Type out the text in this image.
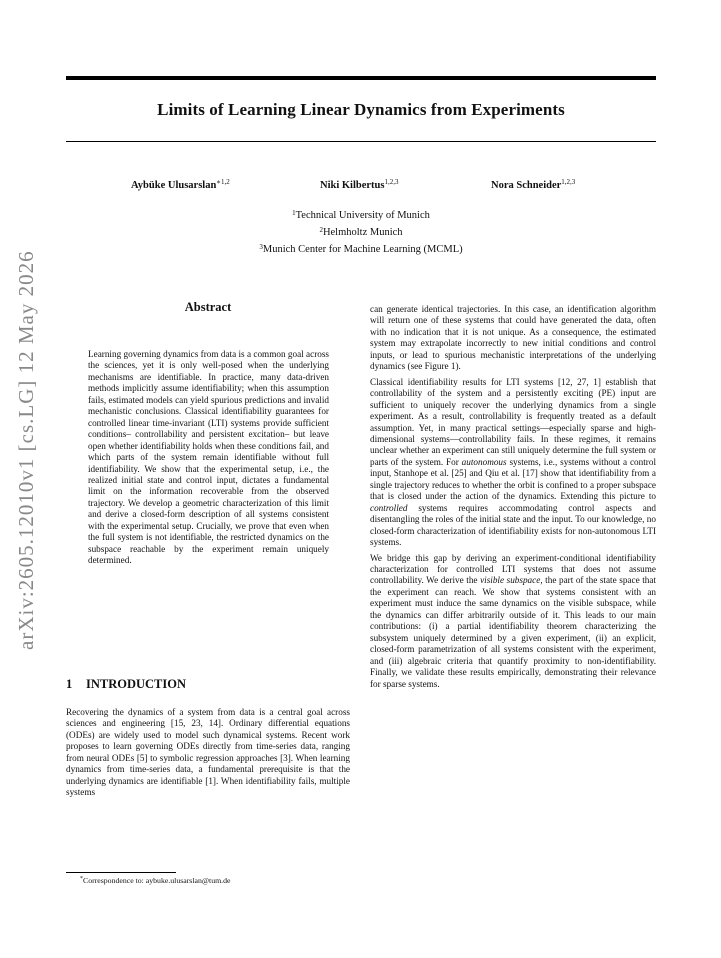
Limits of Learning Linear Dynamics from Experiments
Aybüke Ulusarslan$^{∗1,2}$	Niki Kilbertus$^{1,2,3}$	Nora Schneider$^{1,2,3}$
$^1$Technical University of Munich
$^2$Helmholtz Munich
$^3$Munich Center for Machine Learning (MCML)
arXiv:2605.12010v1 [cs.LG] 12 May 2026	Abstract
Learning governing dynamics from data is a common goal across the sciences, yet it is only well-posed when the underlying mechanisms are identifiable. In practice, many data-driven methods implicitly assume identifiability; when this assumption fails, estimated models can yield spurious predictions and invalid mechanistic conclusions. Classical identifiability guarantees for controlled linear time-invariant (LTI) systems provide sufficient conditions– controllability and persistent excitation– but leave open whether identifiability holds when these conditions fail, and which parts of the system remain identifiable without full identifiability. We show that the experimental setup, i.e., the realized initial state and control input, dictates a fundamental limit on the information recoverable from the observed trajectory. We develop a geometric characterization of this limit and derive a closed-form description of all systems consistent with the experimental setup. Crucially, we prove that even when the full system is not identifiable, the restricted dynamics on the subspace reachable by the experiment remain uniquely determined.
1 INTRODUCTION
Recovering the dynamics of a system from data is a central goal across sciences and engineering [15, 23, 14]. Ordinary differential equations (ODEs) are widely used to model such dynamical systems. Recent work proposes to learn governing ODEs directly from time-series data, ranging from neural ODEs [5] to symbolic regression approaches [3]. When learning dynamics from time-series data, a fundamental prerequisite is that the underlying dynamics are identifiable [1]. When identifiability fails, multiple systems
*Correspondence to: aybuke.ulusarslan@tum.de

can generate identical trajectories. In this case, an identification algorithm will return one of these systems that could have generated the data, often with no indication that it is not unique. As a consequence, the estimated system may extrapolate incorrectly to new initial conditions and control inputs, or lead to spurious mechanistic interpretations of the underlying dynamics (see Figure 1).

Classical identifiability results for LTI systems [12, 27, 1] establish that controllability of the system and a persistently exciting (PE) input are sufficient to uniquely recover the underlying dynamics from a single experiment. As a result, controllability is frequently treated as a default assumption. Yet, in many practical settings—especially sparse and high-dimensional systems—controllability fails. In these regimes, it remains unclear whether an experiment can still uniquely determine the full system or parts of the system. For autonomous systems, i.e., systems without a control input, Stanhope et al. [25] and Qiu et al. [17] show that identifiability from a single trajectory reduces to whether the orbit is confined to a proper subspace that is closed under the action of the dynamics. Extending this picture to controlled systems requires accommodating control aspects and disentangling the roles of the initial state and the input. To our knowledge, no closed-form characterization of identifiability exists for non-autonomous LTI systems.

We bridge this gap by deriving an experiment-conditional identifiability characterization for controlled LTI systems that does not assume controllability. We derive the visible subspace, the part of the state space that the experiment can reach. We show that systems consistent with an experiment must induce the same dynamics on the visible subspace, while the dynamics can differ arbitrarily outside of it. This leads to our main contributions: (i) a partial identifiability theorem characterizing the subsystem uniquely determined by a given experiment, (ii) an explicit, closed-form parametrization of all systems consistent with the experiment, and (iii) algebraic criteria that quantify proximity to non-identifiability. Finally, we validate these results empirically, demonstrating their relevance for sparse systems.
